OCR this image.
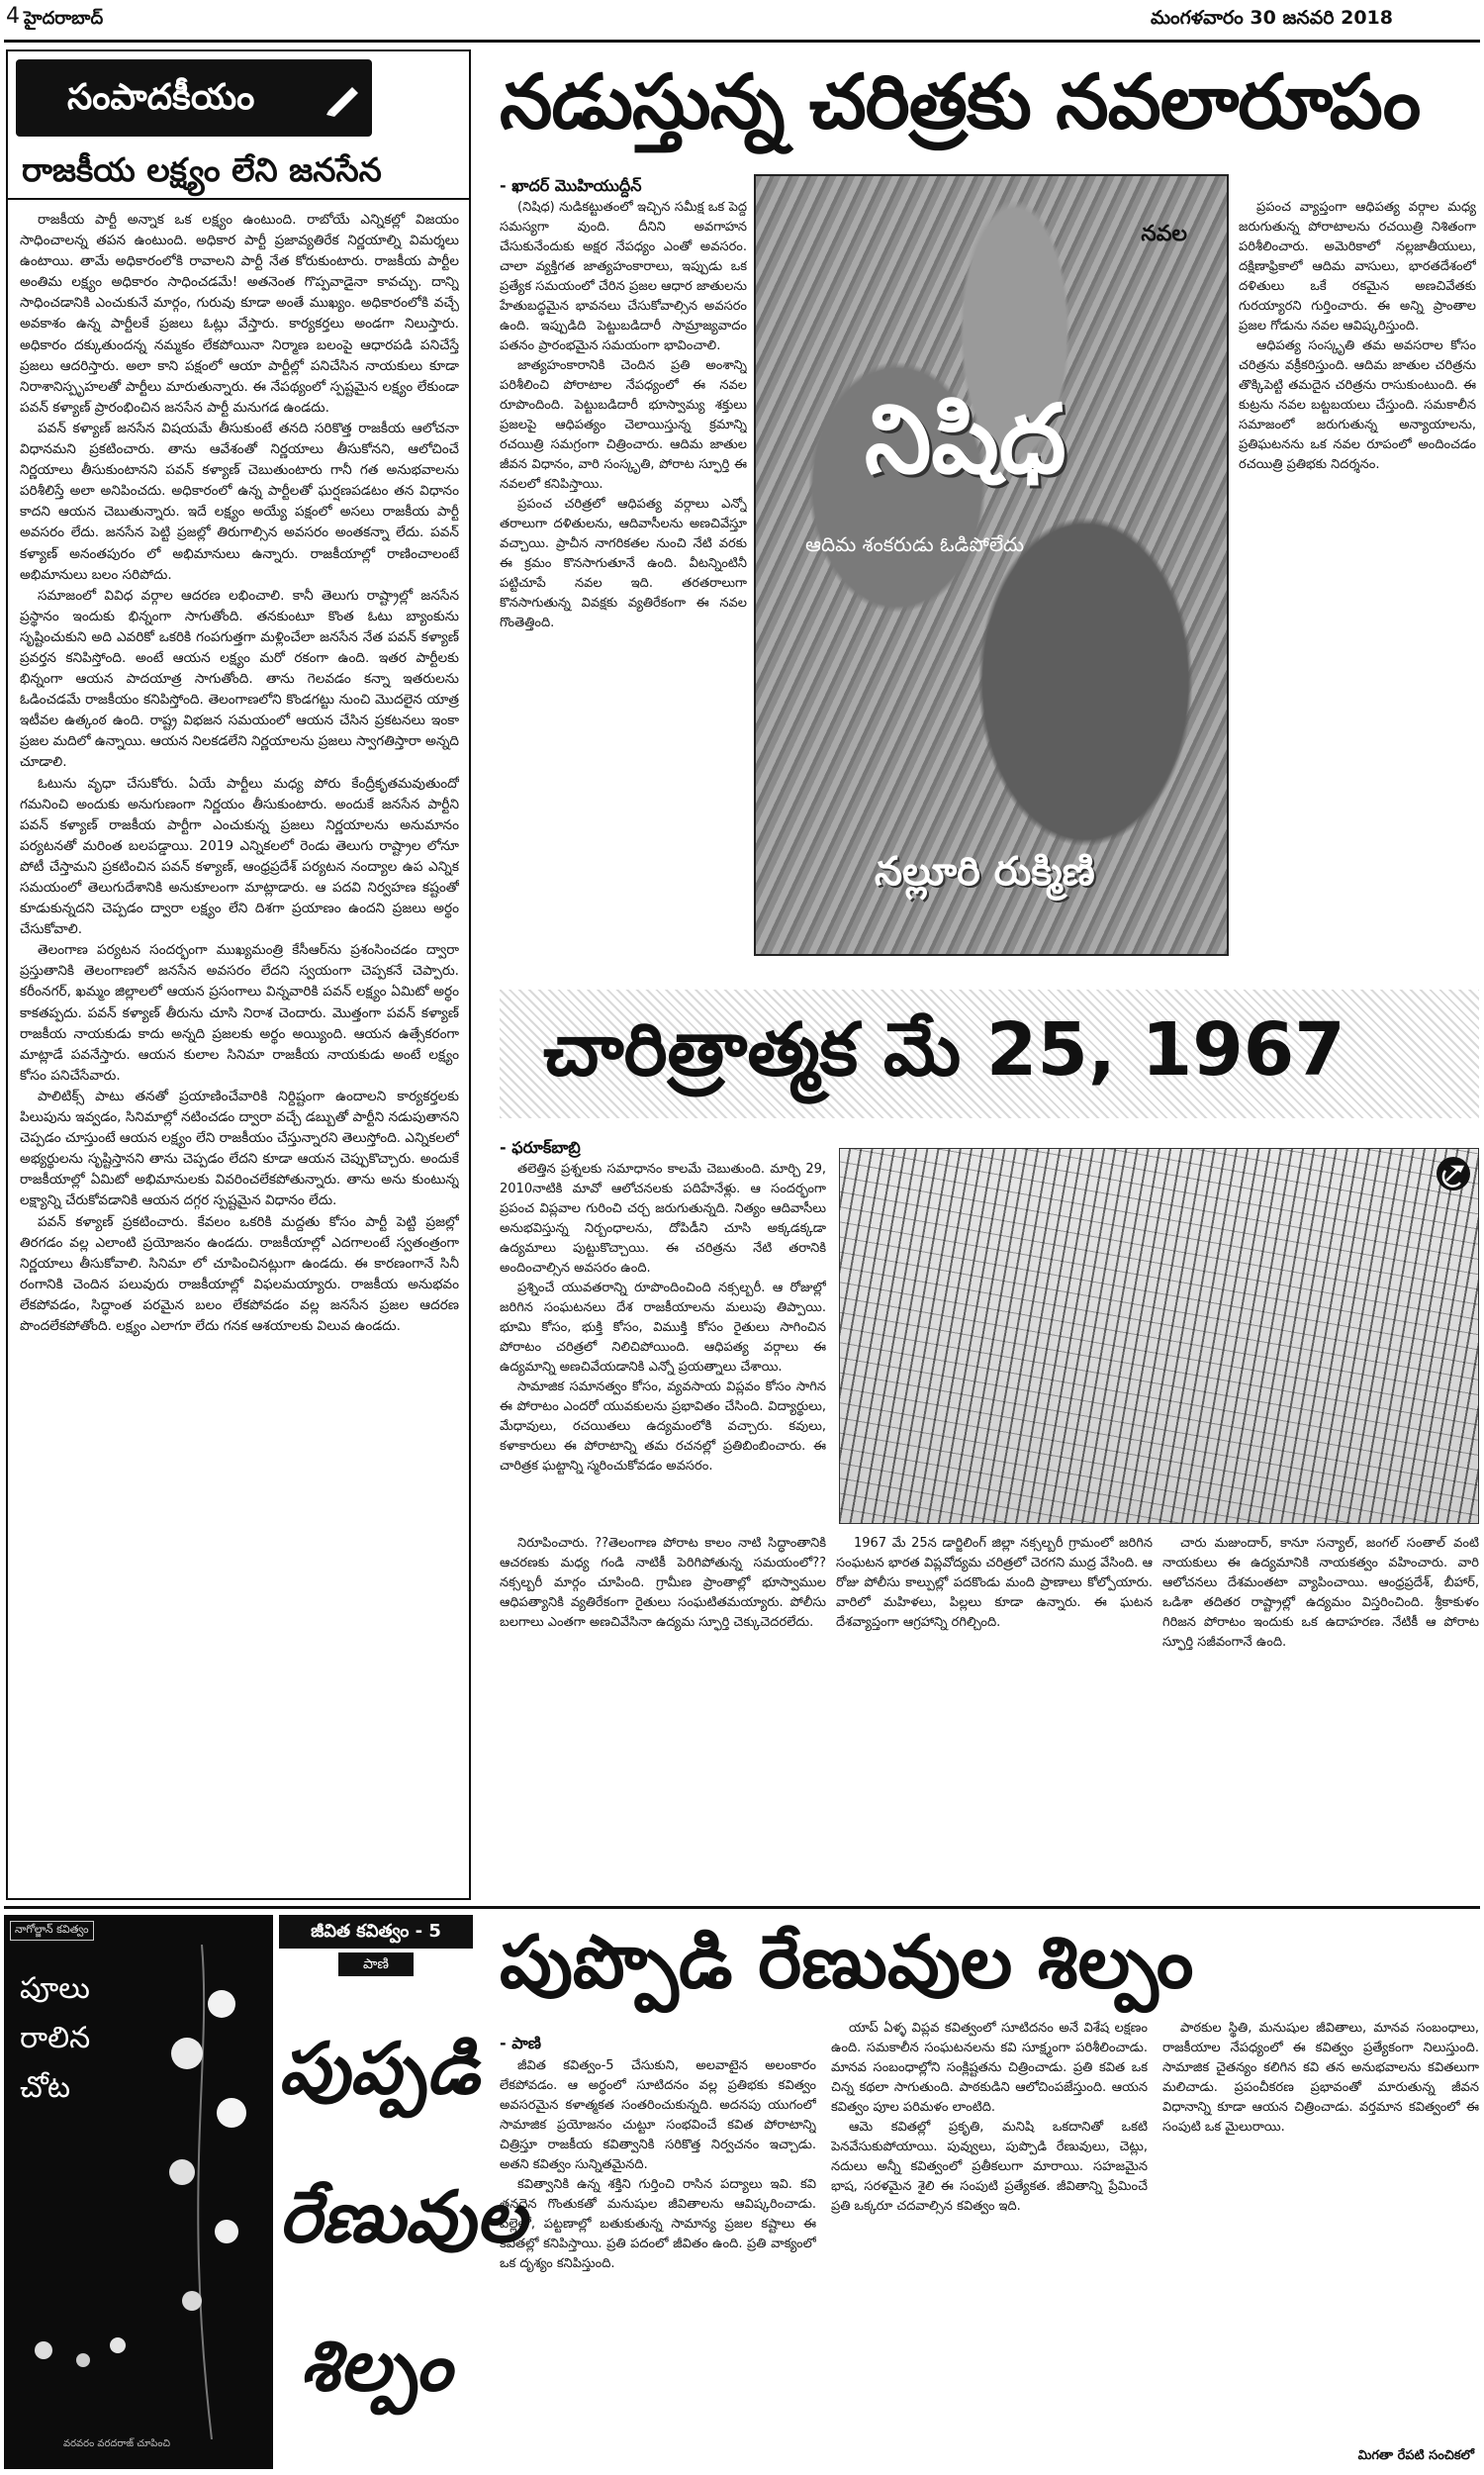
4 హైదరాబాద్	మంగళవారం 30 జనవరి 2018
సంపాదకీయం
రాజకీయ లక్ష్యం లేని జనసేన

రాజకీయ పార్టీ అన్నాక ఒక లక్ష్యం ఉంటుంది. రాబోయే ఎన్నికల్లో విజయం సాధించాలన్న తపన ఉంటుంది. అధికార పార్టీ ప్రజావ్యతిరేక నిర్ణయాల్ని విమర్శలు ఉంటాయి. తామే అధికారంలోకి రావాలని పార్టీ నేత కోరుకుంటారు. రాజకీయ పార్టీల అంతిమ లక్ష్యం అధికారం సాధించడమే! అతనెంత గొప్పవాడైనా కావచ్చు. దాన్ని సాధించడానికి ఎంచుకునే మార్గం, గురువు కూడా అంతే ముఖ్యం. అధికారంలోకి వచ్చే అవకాశం ఉన్న పార్టీలకే ప్రజలు ఓట్లు వేస్తారు. కార్యకర్తలు అండగా నిలుస్తారు. అధికారం దక్కుతుందన్న నమ్మకం లేకపోయినా నిర్మాణ బలంపై ఆధారపడి పనిచేస్తే ప్రజలు ఆదరిస్తారు. అలా కాని పక్షంలో ఆయా పార్టీల్లో పనిచేసిన నాయకులు కూడా నిరాశానిస్పృహలతో పార్టీలు మారుతున్నారు. ఈ నేపథ్యంలో స్పష్టమైన లక్ష్యం లేకుండా పవన్ కళ్యాణ్ ప్రారంభించిన జనసేన పార్టీ మనుగడ ఉండదు.

పవన్ కళ్యాణ్ జనసేన విషయమే తీసుకుంటే తనది సరికొత్త రాజకీయ ఆలోచనా విధానమని ప్రకటించారు. తాను ఆవేశంతో నిర్ణయాలు తీసుకోనని, ఆలోచించే నిర్ణయాలు తీసుకుంటానని పవన్ కళ్యాణ్ చెబుతుంటారు గానీ గత అనుభవాలను పరిశీలిస్తే అలా అనిపించదు. అధికారంలో ఉన్న పార్టీలతో ఘర్షణపడటం తన విధానం కాదని ఆయన చెబుతున్నారు. ఇదే లక్ష్యం అయ్యే పక్షంలో అసలు రాజకీయ పార్టీ అవసరం లేదు. జనసేన పెట్టి ప్రజల్లో తిరుగాల్సిన అవసరం అంతకన్నా లేదు. పవన్ కళ్యాణ్ అనంతపురం లో అభిమానులు ఉన్నారు. రాజకీయాల్లో రాణించాలంటే అభిమానులు బలం సరిపోదు.

సమాజంలో వివిధ వర్గాల ఆదరణ లభించాలి. కానీ తెలుగు రాష్ట్రాల్లో జనసేన ప్రస్థానం ఇందుకు భిన్నంగా సాగుతోంది. తనకుంటూ కొంత ఓటు బ్యాంకును సృష్టించుకుని అది ఎవరికో ఒకరికి గంపగుత్తగా మళ్లించేలా జనసేన నేత పవన్ కళ్యాణ్ ప్రవర్తన కనిపిస్తోంది. అంటే ఆయన లక్ష్యం మరో రకంగా ఉంది. ఇతర పార్టీలకు భిన్నంగా ఆయన పాదయాత్ర సాగుతోంది. తాను గెలవడం కన్నా ఇతరులను ఓడించడమే రాజకీయం కనిపిస్తోంది. తెలంగాణలోని కొండగట్టు నుంచి మొదలైన యాత్ర ఇటీవల ఉత్కంఠ ఉంది. రాష్ట్ర విభజన సమయంలో ఆయన చేసిన ప్రకటనలు ఇంకా ప్రజల మదిలో ఉన్నాయి. ఆయన నిలకడలేని నిర్ణయాలను ప్రజలు స్వాగతిస్తారా అన్నది చూడాలి.

ఓటును వృధా చేసుకోరు. ఏయే పార్టీలు మధ్య పోరు కేంద్రీకృతమవుతుందో గమనించి అందుకు అనుగుణంగా నిర్ణయం తీసుకుంటారు. అందుకే జనసేన పార్టీని పవన్ కళ్యాణ్ రాజకీయ పార్టీగా ఎంచుకున్న ప్రజలు నిర్ణయాలను అనుమానం పర్యటనతో మరింత బలపడ్డాయి. 2019 ఎన్నికలలో రెండు తెలుగు రాష్ట్రాల లోనూ పోటీ చేస్తామని ప్రకటించిన పవన్ కళ్యాణ్, ఆంధ్రప్రదేశ్ పర్యటన నంద్యాల ఉప ఎన్నిక సమయంలో తెలుగుదేశానికి అనుకూలంగా మాట్లాడారు. ఆ పదవి నిర్వహణ కష్టంతో కూడుకున్నదని చెప్పడం ద్వారా లక్ష్యం లేని దిశగా ప్రయాణం ఉందని ప్రజలు అర్థం చేసుకోవాలి.

తెలంగాణ పర్యటన సందర్భంగా ముఖ్యమంత్రి కేసీఆర్‌ను ప్రశంసించడం ద్వారా ప్రస్తుతానికి తెలంగాణలో జనసేన అవసరం లేదని స్వయంగా చెప్పకనే చెప్పారు. కరీంనగర్, ఖమ్మం జిల్లాలలో ఆయన ప్రసంగాలు విన్నవారికి పవన్ లక్ష్యం ఏమిటో అర్థం కాకతప్పదు. పవన్ కళ్యాణ్ తీరును చూసి నిరాశ చెందారు. మొత్తంగా పవన్ కళ్యాణ్ రాజకీయ నాయకుడు కాదు అన్నది ప్రజలకు అర్థం అయ్యింది. ఆయన ఉత్సేకరంగా మాట్లాడే పవనేస్తారు. ఆయన కులాల సినిమా రాజకీయ నాయకుడు అంటే లక్ష్యం కోసం పనిచేసేవారు.

పాలిటిక్స్ పాటు తనతో ప్రయాణించేవారికి నిర్దిష్టంగా ఉందాలని కార్యకర్తలకు పిలుపును ఇవ్వడం, సినిమాల్లో నటించడం ద్వారా వచ్చే డబ్బుతో పార్టీని నడుపుతానని చెప్పడం చూస్తుంటే ఆయన లక్ష్యం లేని రాజకీయం చేస్తున్నారని తెలుస్తోంది. ఎన్నికలలో అభ్యర్థులను సృష్టిస్తానని తాను చెప్పడం లేదని కూడా ఆయన చెప్పుకొచ్చారు. అందుకే రాజకీయాల్లో ఏమిటో అభిమానులకు వివరించలేకపోతున్నారు. తాను అను కుంటున్న లక్ష్యాన్ని చేరుకోవడానికి ఆయన దగ్గర స్పష్టమైన విధానం లేదు.

పవన్ కళ్యాణ్ ప్రకటించారు. కేవలం ఒకరికి మద్దతు కోసం పార్టీ పెట్టి ప్రజల్లో తిరగడం వల్ల ఎలాంటి ప్రయోజనం ఉండదు. రాజకీయాల్లో ఎదగాలంటే స్వతంత్రంగా నిర్ణయాలు తీసుకోవాలి. సినిమా లో చూపించినట్లుగా ఉండదు. ఈ కారణంగానే సినీ రంగానికి చెందిన పలువురు రాజకీయాల్లో విఫలమయ్యారు. రాజకీయ అనుభవం లేకపోవడం, సిద్ధాంత పరమైన బలం లేకపోవడం వల్ల జనసేన ప్రజల ఆదరణ పొందలేకపోతోంది. లక్ష్యం ఎలాగూ లేదు గనక ఆశయాలకు విలువ ఉండదు.

నడుస్తున్న చరిత్రకు నవలారూపం
- ఖాదర్ మొహియుద్దీన్

(నిషిధ) నుడికట్టుతంలో ఇచ్చిన సమీక్ష ఒక పెద్ద సమస్యగా వుంది. దీనిని అవగాహన చేసుకునేందుకు అక్షర నేపధ్యం ఎంతో అవసరం. చాలా వ్యక్తిగత జాత్యహంకారాలు, ఇప్పుడు ఒక ప్రత్యేక సమయంలో చేరిన ప్రజల ఆధార జాతులను హేతుబద్ధమైన భావనలు చేసుకోవాల్సిన అవసరం ఉంది. ఇప్పుడిది పెట్టుబడిదారీ సామ్రాజ్యవాదం పతనం ప్రారంభమైన సమయంగా భావించాలి.

జాత్యహంకారానికి చెందిన ప్రతి అంశాన్ని పరిశీలించి పోరాటాల నేపధ్యంలో ఈ నవల రూపొందింది. పెట్టుబడిదారీ భూస్వామ్య శక్తులు ప్రజలపై ఆధిపత్యం చెలాయిస్తున్న క్రమాన్ని రచయిత్రి సమగ్రంగా చిత్రించారు. ఆదిమ జాతుల జీవన విధానం, వారి సంస్కృతి, పోరాట స్ఫూర్తి ఈ నవలలో కనిపిస్తాయి.

ప్రపంచ చరిత్రలో ఆధిపత్య వర్గాలు ఎన్నో తరాలుగా దళితులను, ఆదివాసీలను అణచివేస్తూ వచ్చాయి. ప్రాచీన నాగరికతల నుంచి నేటి వరకు ఈ క్రమం కొనసాగుతూనే ఉంది. వీటన్నింటినీ పట్టిచూపే నవల ఇది. తరతరాలుగా కొనసాగుతున్న వివక్షకు వ్యతిరేకంగా ఈ నవల గొంతెత్తింది.

నవల
నిషిధ
ఆదిమ శంకరుడు ఓడిపోలేదు
నల్లూరి రుక్మిణి

ప్రపంచ వ్యాప్తంగా ఆధిపత్య వర్గాల మధ్య జరుగుతున్న పోరాటాలను రచయిత్రి నిశితంగా పరిశీలించారు. అమెరికాలో నల్లజాతీయులు, దక్షిణాఫ్రికాలో ఆదిమ వాసులు, భారతదేశంలో దళితులు ఒకే రకమైన అణచివేతకు గురయ్యారని గుర్తించారు. ఈ అన్ని ప్రాంతాల ప్రజల గోడును నవల ఆవిష్కరిస్తుంది.

ఆధిపత్య సంస్కృతి తమ అవసరాల కోసం చరిత్రను వక్రీకరిస్తుంది. ఆదిమ జాతుల చరిత్రను తొక్కిపెట్టి తమదైన చరిత్రను రాసుకుంటుంది. ఈ కుట్రను నవల బట్టబయలు చేస్తుంది. సమకాలీన సమాజంలో జరుగుతున్న అన్యాయాలను, ప్రతిఘటనను ఒక నవల రూపంలో అందించడం రచయిత్రి ప్రతిభకు నిదర్శనం.

చారిత్రాత్మక మే 25, 1967
- ఫరూక్‌బాబ్రి

తలెత్తిన ప్రశ్నలకు సమాధానం కాలమే చెబుతుంది. మార్చి 29, 2010నాటికి మావో ఆలోచనలకు పదిహేనేళ్లు. ఆ సందర్భంగా ప్రపంచ విప్లవాల గురించి చర్చ జరుగుతున్నది. నిత్యం ఆదివాసీలు అనుభవిస్తున్న నిర్బంధాలను, దోపిడీని చూసి అక్కడక్కడా ఉద్యమాలు పుట్టుకొచ్చాయి. ఈ చరిత్రను నేటి తరానికి అందించాల్సిన అవసరం ఉంది.

ప్రశ్నించే యువతరాన్ని రూపొందించింది నక్సల్బరీ. ఆ రోజుల్లో జరిగిన సంఘటనలు దేశ రాజకీయాలను మలుపు తిప్పాయి. భూమి కోసం, భుక్తి కోసం, విముక్తి కోసం రైతులు సాగించిన పోరాటం చరిత్రలో నిలిచిపోయింది. ఆధిపత్య వర్గాలు ఈ ఉద్యమాన్ని అణచివేయడానికి ఎన్నో ప్రయత్నాలు చేశాయి.

సామాజిక సమానత్వం కోసం, వ్యవసాయ విప్లవం కోసం సాగిన ఈ పోరాటం ఎందరో యువకులను ప్రభావితం చేసింది. విద్యార్థులు, మేధావులు, రచయితలు ఉద్యమంలోకి వచ్చారు. కవులు, కళాకారులు ఈ పోరాటాన్ని తమ రచనల్లో ప్రతిబింబించారు. ఈ చారిత్రక ఘట్టాన్ని స్మరించుకోవడం అవసరం.

నిరూపించారు. ??తెలంగాణ పోరాట కాలం నాటి సిద్ధాంతానికి ఆచరణకు మధ్య గండి నాటికీ పెరిగిపోతున్న సమయంలో?? నక్సల్బరీ మార్గం చూపింది. గ్రామీణ ప్రాంతాల్లో భూస్వాముల ఆధిపత్యానికి వ్యతిరేకంగా రైతులు సంఘటితమయ్యారు. పోలీసు బలగాలు ఎంతగా అణచివేసినా ఉద్యమ స్ఫూర్తి చెక్కుచెదరలేదు.

1967 మే 25న డార్జిలింగ్ జిల్లా నక్సల్బరీ గ్రామంలో జరిగిన సంఘటన భారత విప్లవోద్యమ చరిత్రలో చెరగని ముద్ర వేసింది. ఆ రోజు పోలీసు కాల్పుల్లో పదకొండు మంది ప్రాణాలు కోల్పోయారు. వారిలో మహిళలు, పిల్లలు కూడా ఉన్నారు. ఈ ఘటన దేశవ్యాప్తంగా ఆగ్రహాన్ని రగిల్చింది.

చారు మజుందార్, కానూ సన్యాల్, జంగల్ సంతాల్ వంటి నాయకులు ఈ ఉద్యమానికి నాయకత్వం వహించారు. వారి ఆలోచనలు దేశమంతటా వ్యాపించాయి. ఆంధ్రప్రదేశ్, బీహార్, ఒడిశా తదితర రాష్ట్రాల్లో ఉద్యమం విస్తరించింది. శ్రీకాకుళం గిరిజన పోరాటం ఇందుకు ఒక ఉదాహరణ. నేటికీ ఆ పోరాట స్ఫూర్తి సజీవంగానే ఉంది.

నాగోల్జాన్ కవిత్వం
పూలు రాలిన చోట
వరవరం వరదరాజ్ చూపించి
జీవిత కవిత్వం - 5
పాణి
పుప్పడి రేణువుల శిల్పం
పుప్పొడి రేణువుల శిల్పం
- పాణి

జీవిత కవిత్వం-5 చేసుకుని, అలవాటైన అలంకారం లేకపోవడం. ఆ అర్థంలో సూటిదనం వల్ల ప్రతిభకు కవిత్వం అవసరమైన కళాత్మకత సంతరించుకున్నది. అదనపు యుగంలో సామాజిక ప్రయోజనం చుట్టూ సంభవించే కవిత పోరాటాన్ని చిత్రిస్తూ రాజకీయ కవిత్వానికి సరికొత్త నిర్వచనం ఇచ్చాడు. అతని కవిత్వం సున్నితమైనది.

కవిత్వానికి ఉన్న శక్తిని గుర్తించి రాసిన పద్యాలు ఇవి. కవి తనదైన గొంతుకతో మనుషుల జీవితాలను ఆవిష్కరించాడు. పల్లెల్లో, పట్టణాల్లో బతుకుతున్న సామాన్య ప్రజల కష్టాలు ఈ కవితల్లో కనిపిస్తాయి. ప్రతి పదంలో జీవితం ఉంది. ప్రతి వాక్యంలో ఒక దృశ్యం కనిపిస్తుంది.

యాప్ ఏళ్ళ విప్లవ కవిత్వంలో సూటిదనం అనే విశేష లక్షణం ఉంది. సమకాలీన సంఘటనలను కవి సూక్ష్మంగా పరిశీలించాడు. మానవ సంబంధాల్లోని సంక్లిష్టతను చిత్రించాడు. ప్రతి కవిత ఒక చిన్న కథలా సాగుతుంది. పాఠకుడిని ఆలోచింపజేస్తుంది. ఆయన కవిత్వం పూల పరిమళం లాంటిది.

ఆమె కవితల్లో ప్రకృతి, మనిషి ఒకదానితో ఒకటి పెనవేసుకుపోయాయి. పువ్వులు, పుప్పొడి రేణువులు, చెట్లు, నదులు అన్నీ కవిత్వంలో ప్రతీకలుగా మారాయి. సహజమైన భాష, సరళమైన శైలి ఈ సంపుటి ప్రత్యేకత. జీవితాన్ని ప్రేమించే ప్రతి ఒక్కరూ చదవాల్సిన కవిత్వం ఇది.

పాఠకుల స్థితి, మనుషుల జీవితాలు, మానవ సంబంధాలు, రాజకీయాల నేపధ్యంలో ఈ కవిత్వం ప్రత్యేకంగా నిలుస్తుంది. సామాజిక చైతన్యం కలిగిన కవి తన అనుభవాలను కవితలుగా మలిచాడు. ప్రపంచీకరణ ప్రభావంతో మారుతున్న జీవన విధానాన్ని కూడా ఆయన చిత్రించాడు. వర్తమాన కవిత్వంలో ఈ సంపుటి ఒక మైలురాయి.

మిగతా రేపటి సంచికలో
